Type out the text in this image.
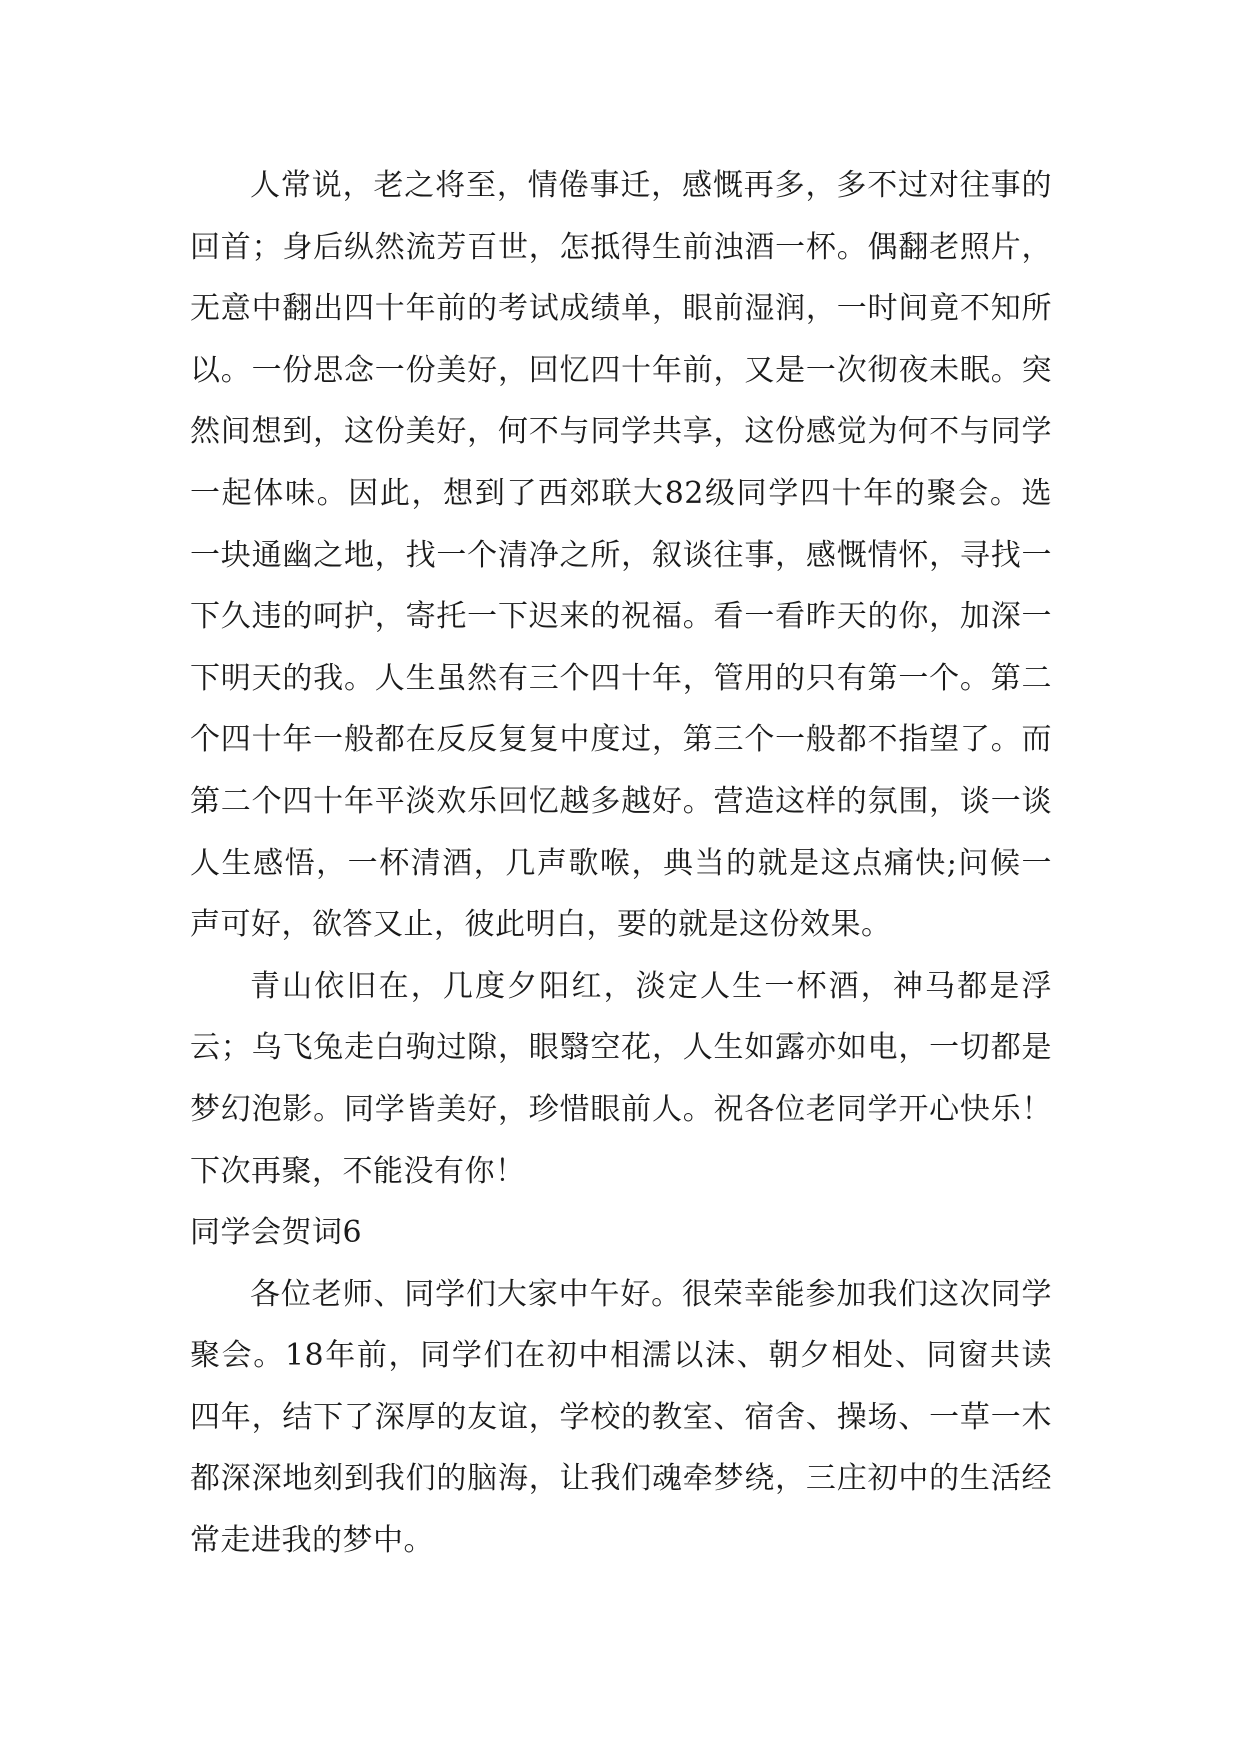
人常说，老之将至，情倦事迁，感慨再多，多不过对往事的回首；身后纵然流芳百世，怎抵得生前浊酒一杯。偶翻老照片，无意中翻出四十年前的考试成绩单，眼前湿润，一时间竟不知所以。一份思念一份美好，回忆四十年前，又是一次彻夜未眠。突然间想到，这份美好，何不与同学共享，这份感觉为何不与同学一起体味。因此，想到了西郊联大82级同学四十年的聚会。选一块通幽之地，找一个清净之所，叙谈往事，感慨情怀，寻找一下久违的呵护，寄托一下迟来的祝福。看一看昨天的你，加深一下明天的我。人生虽然有三个四十年，管用的只有第一个。第二个四十年一般都在反反复复中度过，第三个一般都不指望了。而第二个四十年平淡欢乐回忆越多越好。营造这样的氛围，谈一谈人生感悟，一杯清酒，几声歌喉，典当的就是这点痛快;问候一声可好，欲答又止，彼此明白，要的就是这份效果。

青山依旧在，几度夕阳红，淡定人生一杯酒，神马都是浮云；乌飞兔走白驹过隙，眼翳空花，人生如露亦如电，一切都是梦幻泡影。同学皆美好，珍惜眼前人。祝各位老同学开心快乐！下次再聚，不能没有你！

同学会贺词6

各位老师、同学们大家中午好。很荣幸能参加我们这次同学聚会。18年前，同学们在初中相濡以沫、朝夕相处、同窗共读四年，结下了深厚的友谊，学校的教室、宿舍、操场、一草一木都深深地刻到我们的脑海，让我们魂牵梦绕，三庄初中的生活经常走进我的梦中。
